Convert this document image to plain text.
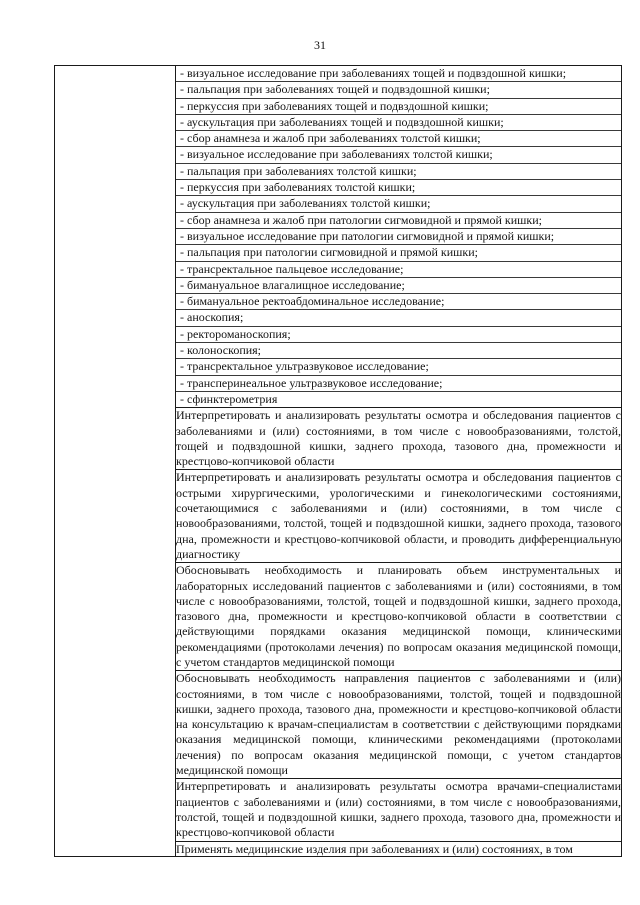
31

- визуальное исследование при заболеваниях тощей и подвздошной кишки;
- пальпация при заболеваниях тощей и подвздошной кишки;
- перкуссия при заболеваниях тощей и подвздошной кишки;
- аускультация при заболеваниях тощей и подвздошной кишки;
- сбор анамнеза и жалоб при заболеваниях толстой кишки;
- визуальное исследование при заболеваниях толстой кишки;
- пальпация при заболеваниях толстой кишки;
- перкуссия при заболеваниях толстой кишки;
- аускультация при заболеваниях толстой кишки;
- сбор анамнеза и жалоб при патологии сигмовидной и прямой кишки;
- визуальное исследование при патологии сигмовидной и прямой кишки;
- пальпация при патологии сигмовидной и прямой кишки;
- трансректальное пальцевое исследование;
- бимануальное влагалищное исследование;
- бимануальное ректоабдоминальное исследование;
- аноскопия;
- ректороманоскопия;
- колоноскопия;
- трансректальное ультразвуковое исследование;
- трансперинеальное ультразвуковое исследование;
- сфинктерометрия

Интерпретировать и анализировать результаты осмотра и обследования пациентов с заболеваниями и (или) состояниями, в том числе с новообразованиями, толстой, тощей и подвздошной кишки, заднего прохода, тазового дна, промежности и крестцово-копчиковой области
Интерпретировать и анализировать результаты осмотра и обследования пациентов с острыми хирургическими, урологическими и гинекологическими состояниями, сочетающимися с заболеваниями и (или) состояниями, в том числе с новообразованиями, толстой, тощей и подвздошной кишки, заднего прохода, тазового дна, промежности и крестцово-копчиковой области, и проводить дифференциальную диагностику
Обосновывать необходимость и планировать объем инструментальных и лабораторных исследований пациентов с заболеваниями и (или) состояниями, в том числе с новообразованиями, толстой, тощей и подвздошной кишки, заднего прохода, тазового дна, промежности и крестцово-копчиковой области в соответствии с действующими порядками оказания медицинской помощи, клиническими рекомендациями (протоколами лечения) по вопросам оказания медицинской помощи, с учетом стандартов медицинской помощи
Обосновывать необходимость направления пациентов с заболеваниями и (или) состояниями, в том числе с новообразованиями, толстой, тощей и подвздошной кишки, заднего прохода, тазового дна, промежности и крестцово-копчиковой области на консультацию к врачам-специалистам в соответствии с действующими порядками оказания медицинской помощи, клиническими рекомендациями (протоколами лечения) по вопросам оказания медицинской помощи, с учетом стандартов медицинской помощи
Интерпретировать и анализировать результаты осмотра врачами-специалистами пациентов с заболеваниями и (или) состояниями, в том числе с новообразованиями, толстой, тощей и подвздошной кишки, заднего прохода, тазового дна, промежности и крестцово-копчиковой области

Применять медицинские изделия при заболеваниях и (или) состояниях, в том
